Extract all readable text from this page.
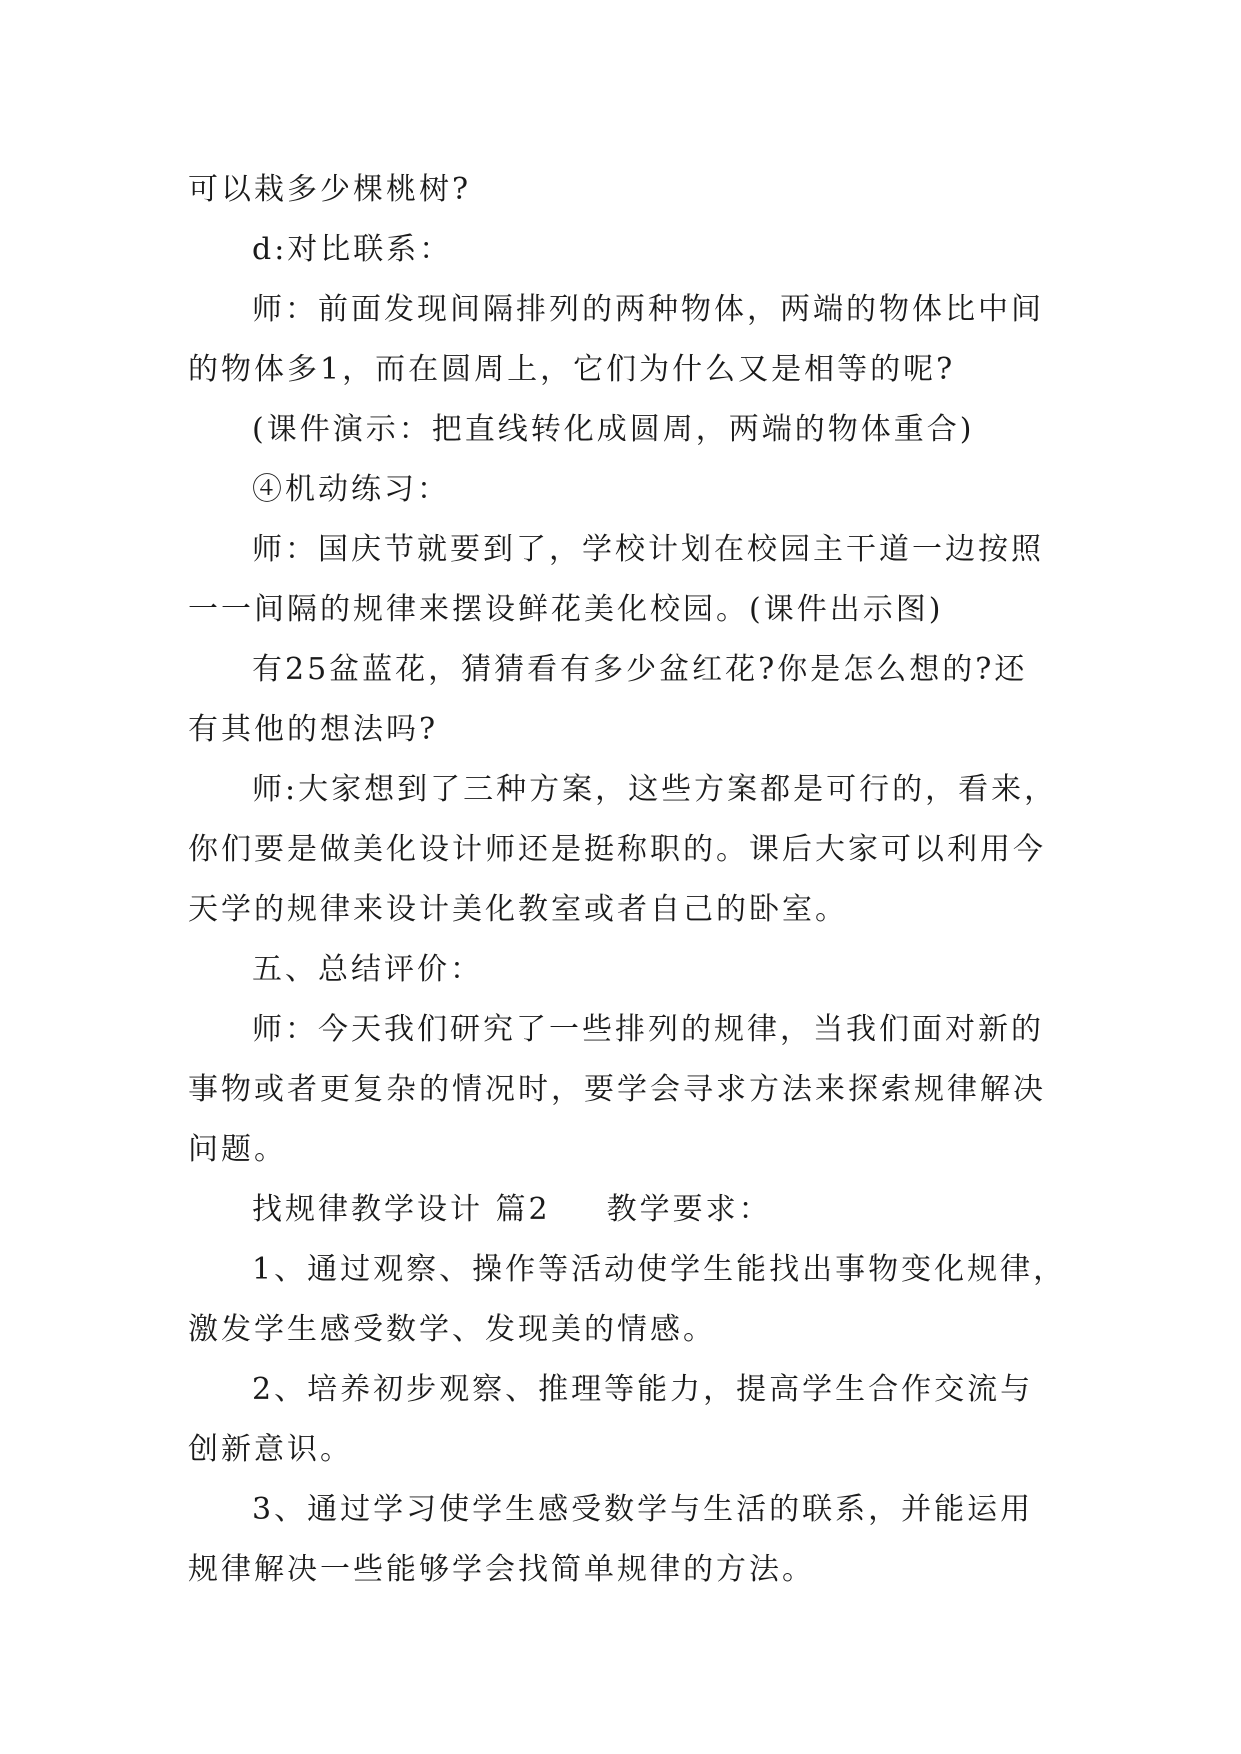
可以栽多少棵桃树?
d:对比联系：
师：前面发现间隔排列的两种物体，两端的物体比中间
的物体多1，而在圆周上，它们为什么又是相等的呢?
(课件演示：把直线转化成圆周，两端的物体重合)
④机动练习：
师：国庆节就要到了，学校计划在校园主干道一边按照
一一间隔的规律来摆设鲜花美化校园。(课件出示图)
有25盆蓝花，猜猜看有多少盆红花?你是怎么想的?还
有其他的想法吗?
师:大家想到了三种方案，这些方案都是可行的，看来，
你们要是做美化设计师还是挺称职的。课后大家可以利用今
天学的规律来设计美化教室或者自己的卧室。
五、总结评价：
师：今天我们研究了一些排列的规律，当我们面对新的
事物或者更复杂的情况时，要学会寻求方法来探索规律解决
问题。
找规律教学设计 篇2 教学要求：
1、通过观察、操作等活动使学生能找出事物变化规律，
激发学生感受数学、发现美的情感。
2、培养初步观察、推理等能力，提高学生合作交流与
创新意识。
3、通过学习使学生感受数学与生活的联系，并能运用
规律解决一些能够学会找简单规律的方法。
